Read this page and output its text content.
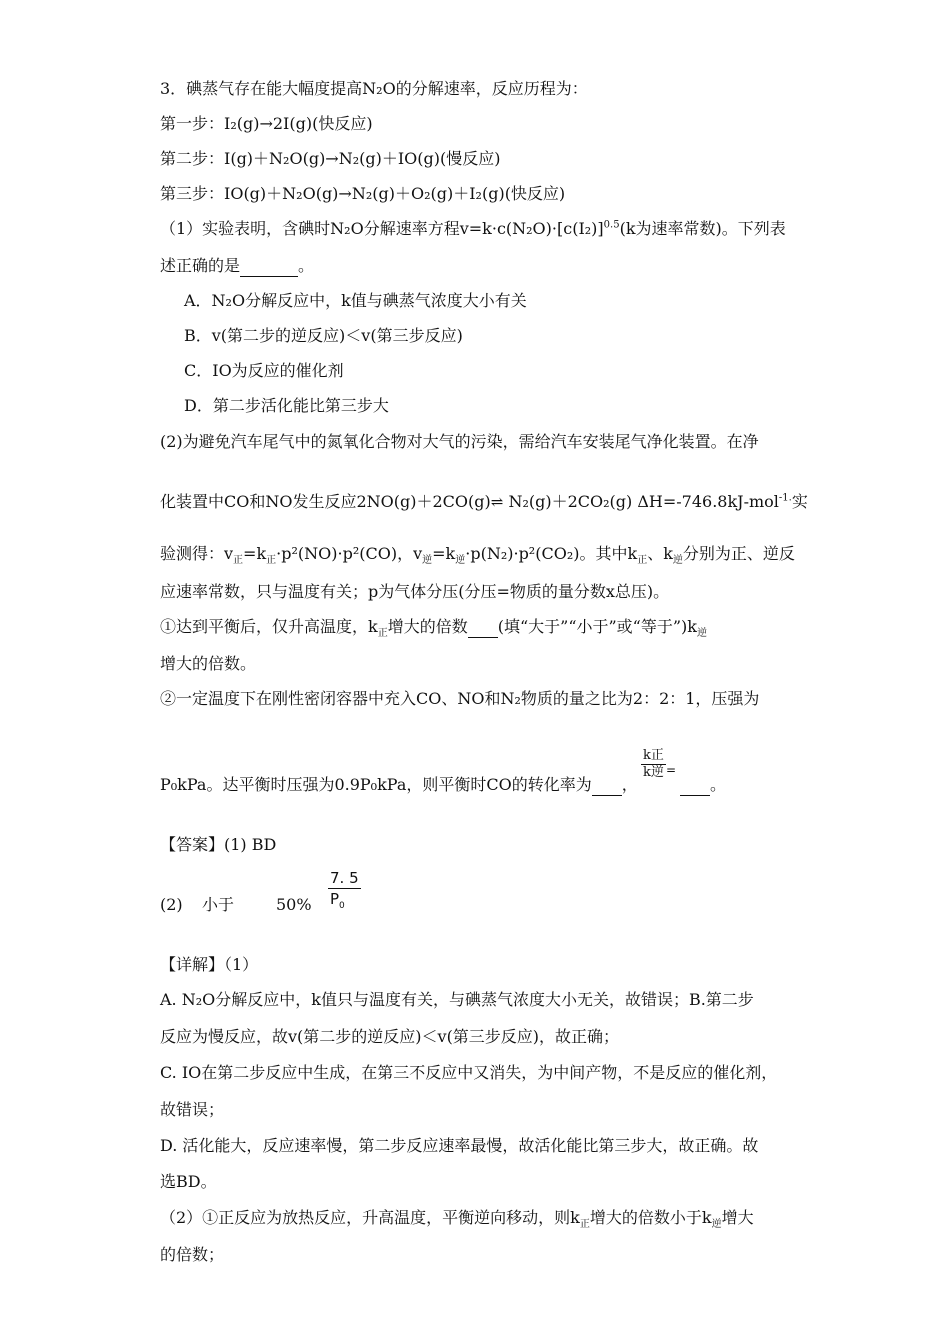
3．碘蒸气存在能大幅度提高N₂O的分解速率，反应历程为：
第一步：I₂(g)→2I(g)(快反应)
第二步：I(g)＋N₂O(g)→N₂(g)＋IO(g)(慢反应)
第三步：IO(g)＋N₂O(g)→N₂(g)＋O₂(g)＋I₂(g)(快反应)
（1）实验表明，含碘时N₂O分解速率方程$v=k\cdot c(N_2O)\cdot[c(I_2)]^{0.5}(k$为速率常数)。下列表
述正确的是	。
A．N₂O分解反应中，k值与碘蒸气浓度大小有关
B．v(第二步的逆反应)＜v(第三步反应)
C．IO为反应的催化剂
D．第二步活化能比第三步大
(2)为避免汽车尾气中的氮氧化合物对大气的污染，需给汽车安装尾气净化装置。在净
化装置中CO和NO发生反应2NO(g)＋2CO(g)⇌ N₂(g)＋2CO₂(g) ΔH=-746.8kJ-mol$^{-1.}$实
验测得：$v_正=k_正\cdot p^2(NO)\cdot p^2(CO)$，$v_逆=k_逆\cdot p(N_2)\cdot p^2(CO_2)$。其中$k_正$、$k_逆$分别为正、逆反
应速率常数，只与温度有关；p为气体分压(分压=物质的量分数x总压)。
①达到平衡后，仅升高温度，$k_正$增大的倍数 (填“大于”“小于”或“等于$”)k_逆$
增大的倍数。
②一定温度下在刚性密闭容器中充入CO、NO和N₂物质的量之比为2：2：1，压强为
P₀kPa。达平衡时压强为0.9P₀kPa，则平衡时CO的转化率为 ，
k正
k逆 =
。
【答案】(1) BD
(2) 小于	$50\% \frac{7. 5}{P_0}$
【详解】（1）
A. N₂O分解反应中，k值只与温度有关，与碘蒸气浓度大小无关，故错误；B.第二步
反应为慢反应，故v(第二步的逆反应)＜v(第三步反应)，故正确；
C. IO在第二步反应中生成，在第三不反应中又消失，为中间产物，不是反应的催化剂，
故错误；
D. 活化能大，反应速率慢，第二步反应速率最慢，故活化能比第三步大，故正确。故
选BD。
（2）①正反应为放热反应，升高温度，平衡逆向移动，则$k_正$增大的倍数小于$k_逆$增大
的倍数；
